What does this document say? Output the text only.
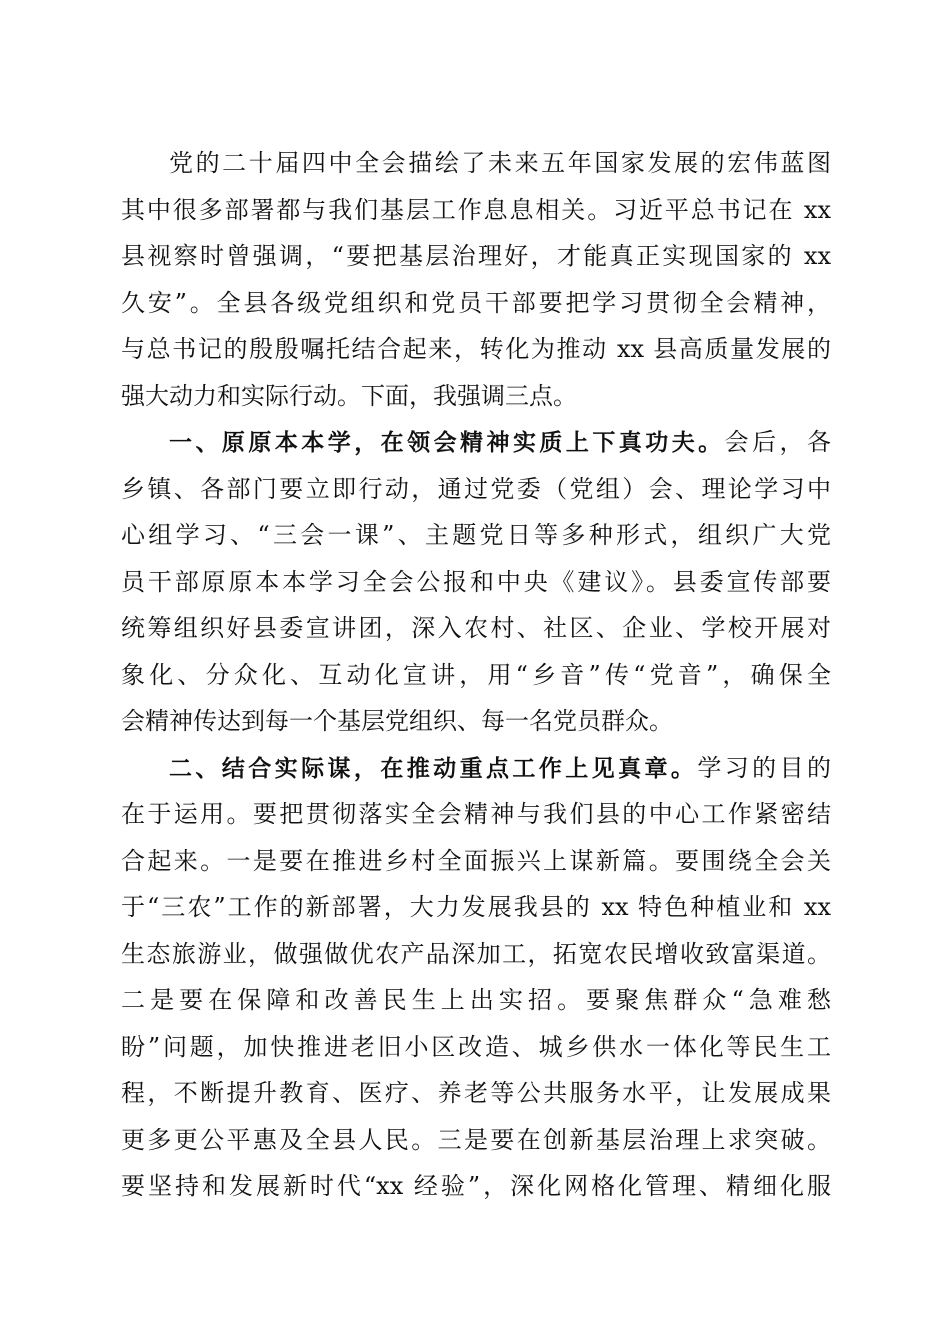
党的二十届四中全会描绘了未来五年国家发展的宏伟蓝图
其中很多部署都与我们基层工作息息相关。习近平总书记在 xx
县视察时曾强调，“要把基层治理好，才能真正实现国家的 xx
久安”。全县各级党组织和党员干部要把学习贯彻全会精神，
与总书记的殷殷嘱托结合起来，转化为推动 xx 县高质量发展的
强大动力和实际行动。下面，我强调三点。
一、原原本本学，在领会精神实质上下真功夫。会后，各
乡镇、各部门要立即行动，通过党委（党组）会、理论学习中
心组学习、“三会一课”、主题党日等多种形式，组织广大党
员干部原原本本学习全会公报和中央《建议》。县委宣传部要
统筹组织好县委宣讲团，深入农村、社区、企业、学校开展对
象化、分众化、互动化宣讲，用“乡音”传“党音”，确保全
会精神传达到每一个基层党组织、每一名党员群众。
二、结合实际谋，在推动重点工作上见真章。学习的目的
在于运用。要把贯彻落实全会精神与我们县的中心工作紧密结
合起来。一是要在推进乡村全面振兴上谋新篇。要围绕全会关
于“三农”工作的新部署，大力发展我县的 xx 特色种植业和 xx
生态旅游业，做强做优农产品深加工，拓宽农民增收致富渠道。
二是要在保障和改善民生上出实招。要聚焦群众“急难愁
盼”问题，加快推进老旧小区改造、城乡供水一体化等民生工
程，不断提升教育、医疗、养老等公共服务水平，让发展成果
更多更公平惠及全县人民。三是要在创新基层治理上求突破。
要坚持和发展新时代“xx 经验”，深化网格化管理、精细化服
